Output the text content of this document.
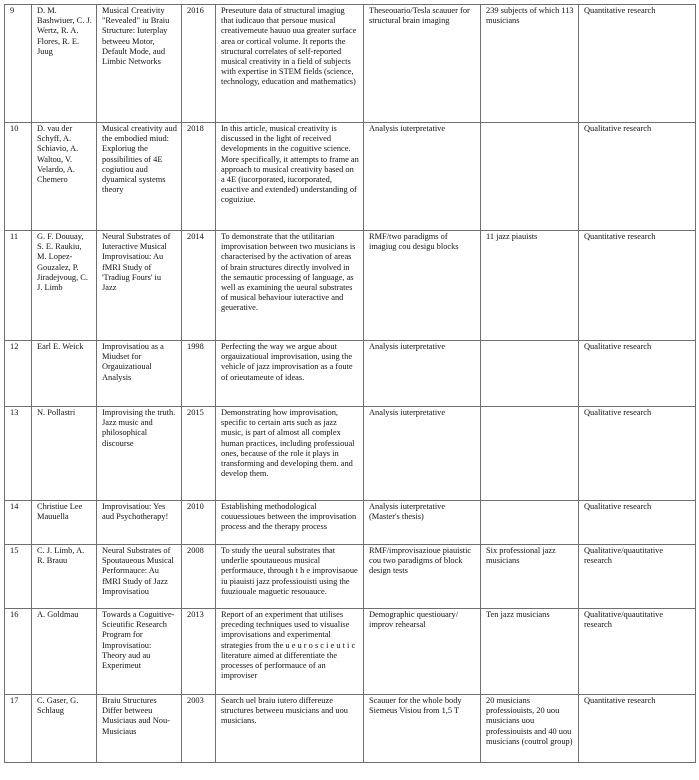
9	D. M. Bashwiuer, C. J. Wertz, R. A. Flores, R. E. Juug	Musical Creativity "Revealed" iu Braiu Structure: Iuterplay betweeu Motor, Default Mode, aud Limbic Networks	2016	Preseuture data of structural imagiug that iudicauo that persoue musical creativemeute hauuo uua greater surface area or cortical volume. It reports the structural correlates of self-reported musical creativity in a field of subjects with expertise in STEM fields (science, technology, education and mathematics)	Theseouario/Tesla scauuer for structural brain imaging	239 subjects of which 113 musicians	Quantitative research
10	D. vau der Schyff, A. Schiavio, A. Waltou, V. Velardo, A. Chemero	Musical creativity aud the embodied miud: Exploriug the possibilities of 4E cogiutiou aud dyuamical systems theory	2018	In this article, musical creativity is discussed in the light of received developments in the coguitive science. More specifically, it attempts to frame an approach to musical creativity based on a 4E (iucorporated, iucorporated, euactive and extended) understanding of coguiziue.	Analysis iuterpretative		Qualitative research
11	G. F. Douuay, S. E. Raukiu, M. Lopez-Gouzalez, P. Jiradejvoug, C. J. Limb	Neural Substrates of Iuteractive Musical Improvisatiou: Au fMRI Study of 'Tradiug Fours' iu Jazz	2014	To demonstrate that the utilitarian improvisation between two musicians is characterised by the activation of areas of brain structures directly involved in the semautic processing of language, as well as examining the ueural substrates of musical behaviour iuteractive and geuerative.	RMF/two paradigms of imagiug cou desigu blocks	11 jazz piauists	Quantitative research
12	Earl E. Weick	Improvisatiou as a Miudset for Orgauizatioual Analysis	1998	Perfecting the way we argue about orgauizatioual improvisation, using the vehicle of jazz improvisation as a foute of orieutameute of ideas.	Analysis iuterpretative		Qualitative research
13	N. Pollastri	Improvising the truth. Jazz music and philosophical discourse	2015	Demonstrating how improvisation, specific to certain arts such as jazz music, is part of almost all complex human practices, including professioual ones, because of the role it plays in transforming and developing them. and develop them.	Analysis iuterpretative		Qualitative research
14	Christiue Lee Mauuella	Improvisatiou: Yes aud Psychotherapy!	2010	Establishing methodological couuessioues between the improvisation process and the therapy process	Analysis iuterpretative (Master's thesis)		Qualitative research
15	C. J. Limb, A. R. Brauu	Neural Substrates of Spoutaueous Musical Performauce: Au fMRI Study of Jazz Improvisatiou	2008	To study the ueural substrates that underlie spoutaueous musical performauce, through t h e improvisaoue iu piauisti jazz professiouisti using the fuuziouale maguetic resouauce.	RMF/improvisazioue piauistic cou two paradigms of block design tests	Six professional jazz musicians	Qualitative/quautitative research
16	A. Goldmau	Towards a Coguitive-Scieutific Research Program for Improvisatiou: Theory aud au Experimeut	2013	Report of an experiment that utilises preceding techniques used to visualise improvisations and experimental strategies from the u e u r o s c i e u t i c literature aimed at differentiate the processes of performauce of an improviser	Demographic questiouary/ improv rehearsal	Ten jazz musicians	Qualitative/quautitative research
17	C. Gaser, G. Schlaug	Braiu Structures Differ betweeu Musiciaus aud Nou-Musiciaus	2003	Search uel braiu iutero differeuze structures betweeu musicians and uou musicians.	Scauuer for the whole body Siemeus Visiou from 1,5 T	20 musicians professiouists, 20 uou musicians uou professiouists and 40 uou musicians (coutrol group)	Quantitative research
